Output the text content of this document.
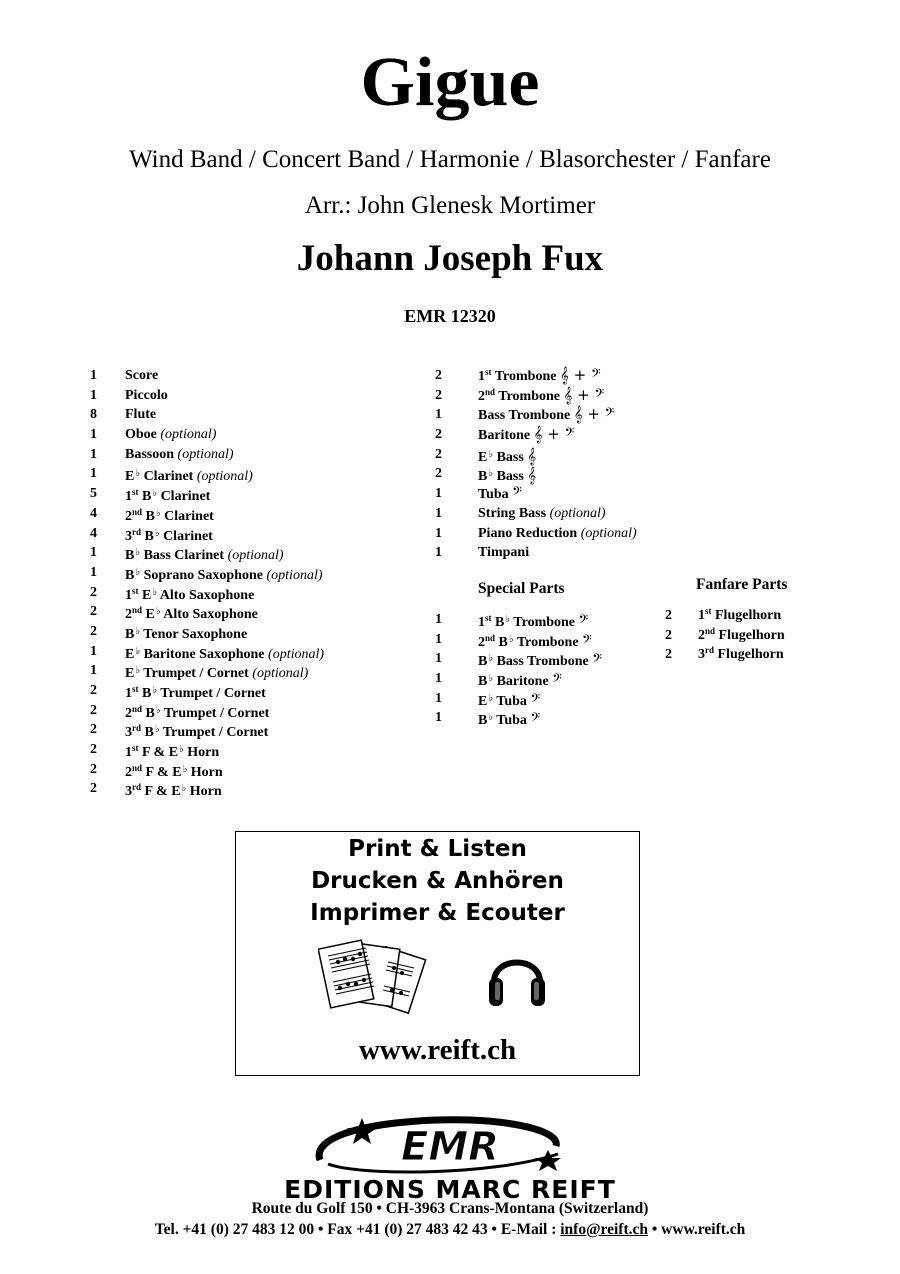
Gigue
Wind Band / Concert Band / Harmonie / Blasorchester / Fanfare
Arr.: John Glenesk Mortimer
Johann Joseph Fux
EMR 12320
1 Score
1 Piccolo
8 Flute
1 Oboe (optional)
1 Bassoon (optional)
1 E♭ Clarinet (optional)
5 1st B♭ Clarinet
4 2nd B♭ Clarinet
4 3rd B♭ Clarinet
1 B♭ Bass Clarinet (optional)
1 B♭ Soprano Saxophone (optional)
2 1st E♭ Alto Saxophone
2 2nd E♭ Alto Saxophone
2 B♭ Tenor Saxophone
1 E♭ Baritone Saxophone (optional)
1 E♭ Trumpet / Cornet (optional)
2 1st B♭ Trumpet / Cornet
2 2nd B♭ Trumpet / Cornet
2 3rd B♭ Trumpet / Cornet
2 1st F & E♭ Horn
2 2nd F & E♭ Horn
2 3rd F & E♭ Horn
2	1st Trombone 𝄞 + 𝄢
2	2nd Trombone 𝄞 + 𝄢
1	Bass Trombone 𝄞 + 𝄢
2	Baritone 𝄞 + 𝄢
2	E♭ Bass 𝄞
2	B♭ Bass 𝄞
1	Tuba 𝄢
1	String Bass (optional)
1	Piano Reduction (optional)
1	Timpani
Special Parts
1	1st B♭ Trombone 𝄢
1	2nd B♭ Trombone 𝄢
1	B♭ Bass Trombone 𝄢
1	B♭ Baritone 𝄢
1	E♭ Tuba 𝄢
1	B♭ Tuba 𝄢
Fanfare Parts
2 1st Flugelhorn
2 2nd Flugelhorn
2 3rd Flugelhorn
Print & Listen
Drucken & Anhören
Imprimer & Ecouter
www.reift.ch
EMR
EDITIONS MARC REIFT
Route du Golf 150 • CH-3963 Crans-Montana (Switzerland)
Tel. +41 (0) 27 483 12 00 • Fax +41 (0) 27 483 42 43 • E-Mail : info@reift.ch • www.reift.ch
